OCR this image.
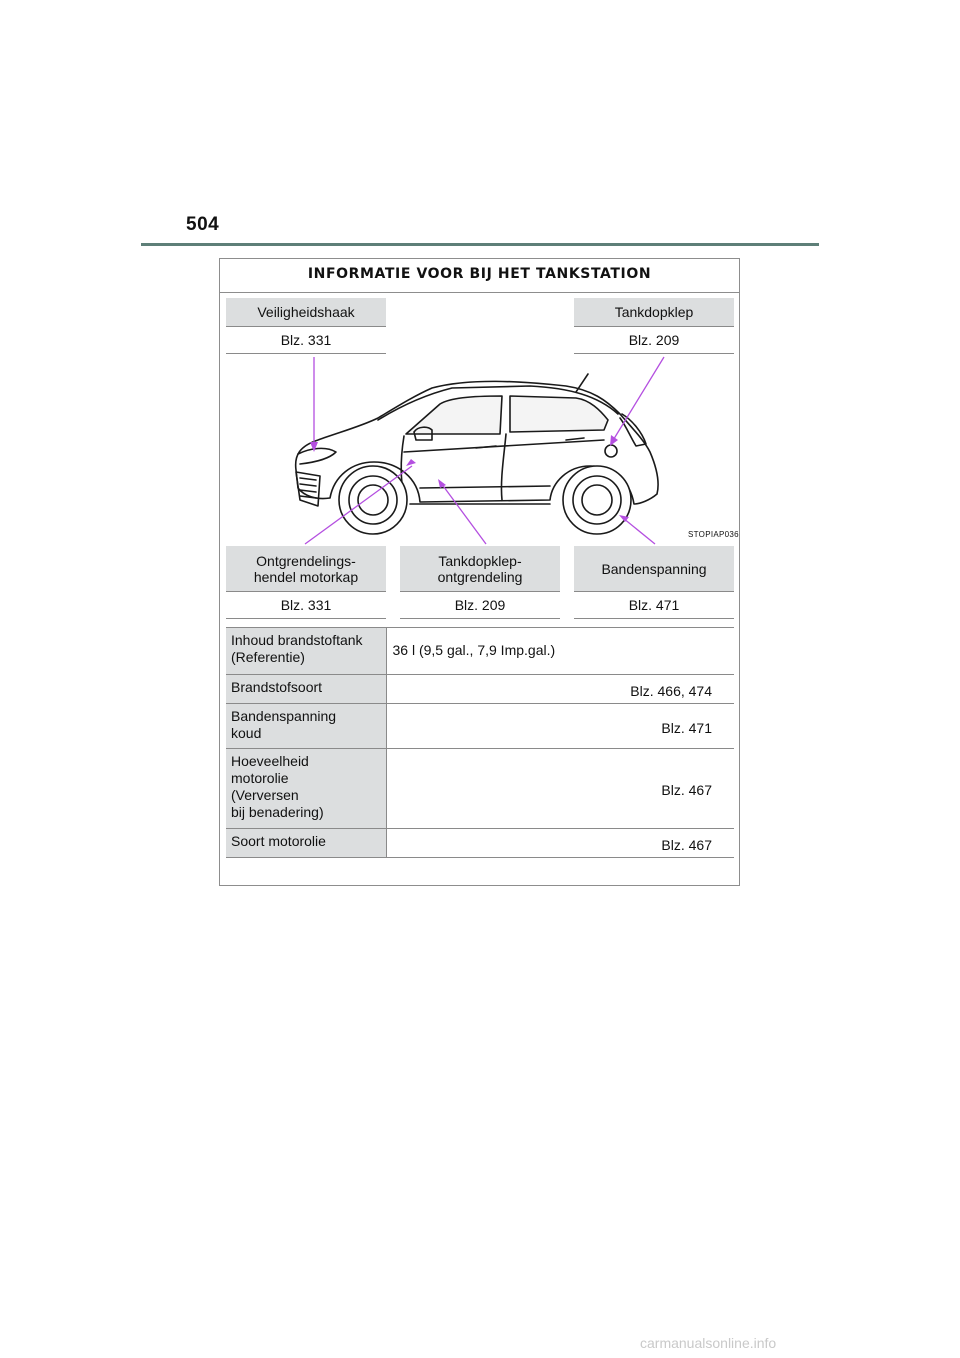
504
INFORMATIE VOOR BIJ HET TANKSTATION
Veiligheidshaak
Blz. 331
Tankdopklep
Blz. 209
STOPIAP036
Ontgrendelings-
hendel motorkap
Blz. 331
Tankdopklep-
ontgrendeling
Blz. 209
Bandenspanning
Blz. 471
Inhoud brandstoftank
(Referentie)	36 l (9,5 gal., 7,9 Imp.gal.)

Brandstofsoort	Blz. 466, 474

Bandenspanning
koud	Blz. 471

Hoeveelheid
motorolie
(Verversen
bij benadering)	Blz. 467

Soort motorolie	Blz. 467
carmanualsonline.info
